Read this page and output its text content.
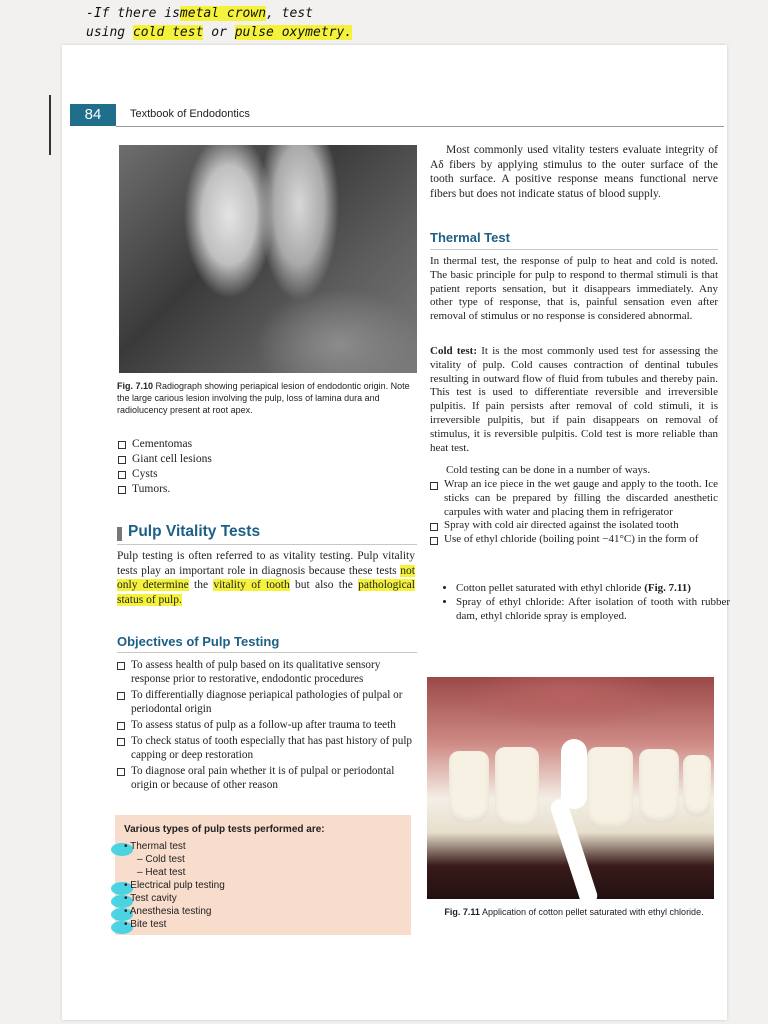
-If there ismetal crown, test
using cold test or pulse oxymetry.
84	Textbook of Endodontics
Fig. 7.10 Radiograph showing periapical lesion of endodontic origin. Note the large carious lesion involving the pulp, loss of lamina dura and radiolucency present at root apex.
Cementomas
Giant cell lesions
Cysts
Tumors.
Pulp Vitality Tests

Pulp testing is often referred to as vitality testing. Pulp vitality tests play an important role in diagnosis because these tests not only determine the vitality of tooth but also the pathological status of pulp.

Objectives of Pulp Testing
To assess health of pulp based on its qualitative sensory response prior to restorative, endodontic procedures
To differentially diagnose periapical pathologies of pulpal or periodontal origin
To assess status of pulp as a follow-up after trauma to teeth
To check status of tooth especially that has past history of pulp capping or deep restoration
To diagnose oral pain whether it is of pulpal or periodontal origin or because of other reason
Various types of pulp tests performed are:
• Thermal test
– Cold test
– Heat test
• Electrical pulp testing
• Test cavity
• Anesthesia testing
• Bite test

Most commonly used vitality testers evaluate integrity of Aδ fibers by applying stimulus to the outer surface of the tooth surface. A positive response means functional nerve fibers but does not indicate status of blood supply.

Thermal Test

In thermal test, the response of pulp to heat and cold is noted. The basic principle for pulp to respond to thermal stimuli is that patient reports sensation, but it disappears immediately. Any other type of response, that is, painful sensation even after removal of stimulus or no response is considered abnormal.

Cold test: It is the most commonly used test for assessing the vitality of pulp. Cold causes contraction of dentinal tubules resulting in outward flow of fluid from tubules and thereby pain. This test is used to differentiate reversible and irreversible pulpitis. If pain persists after removal of cold stimuli, it is irreversible pulpitis, but if pain disappears on removal of stimulus, it is reversible pulpitis. Cold test is more reliable than heat test.

Cold testing can be done in a number of ways.

Wrap an ice piece in the wet gauge and apply to the tooth. Ice sticks can be prepared by filling the discarded anesthetic carpules with water and placing them in refrigerator
Spray with cold air directed against the isolated tooth
Use of ethyl chloride (boiling point −41°C) in the form of
• Cotton pellet saturated with ethyl chloride (Fig. 7.11)
• Spray of ethyl chloride: After isolation of tooth with rubber dam, ethyl chloride spray is employed.
Fig. 7.11 Application of cotton pellet saturated with ethyl chloride.
